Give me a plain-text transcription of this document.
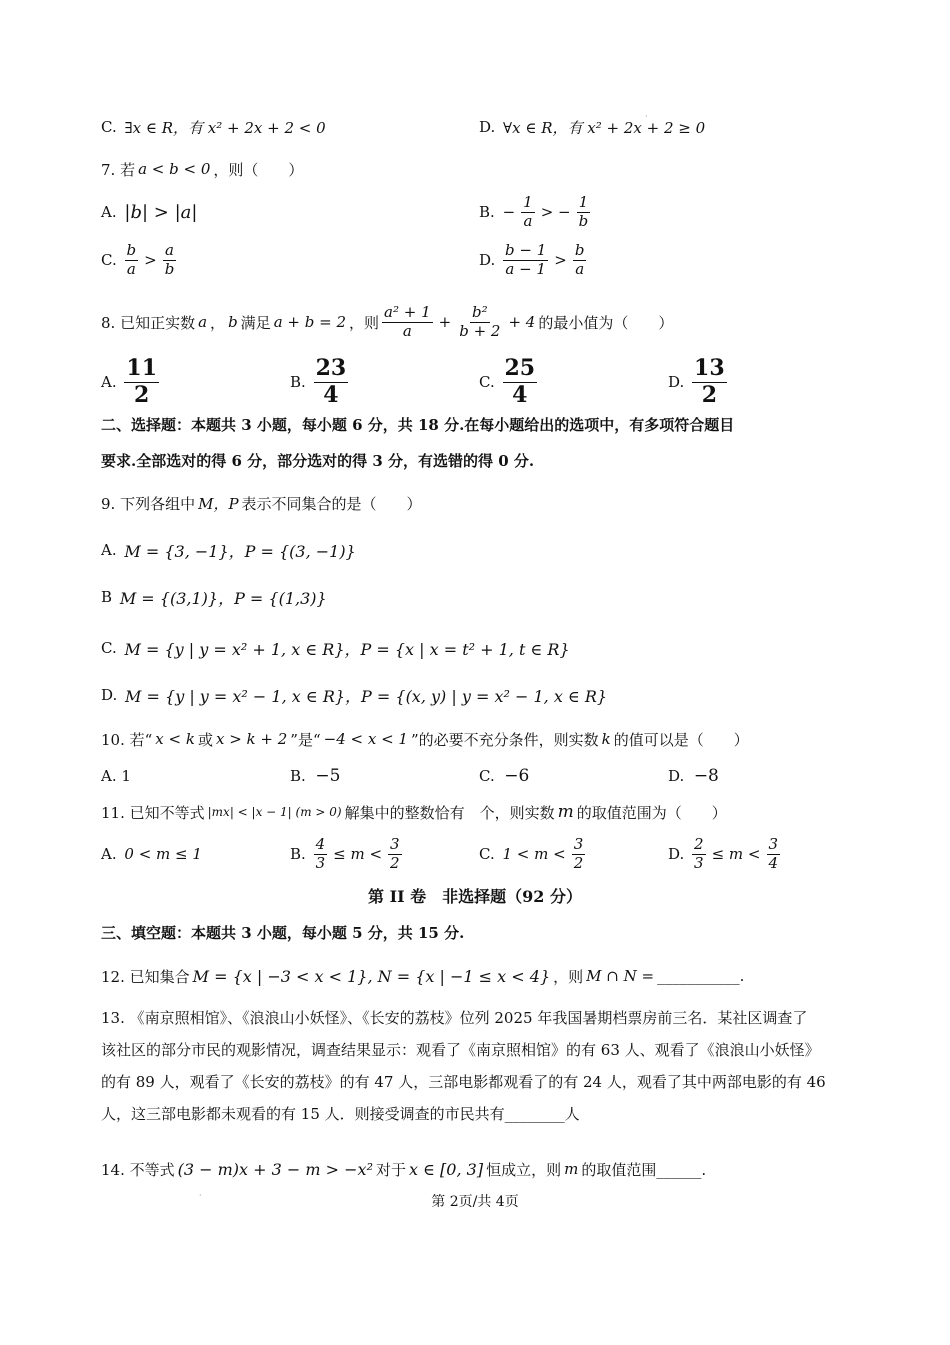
C.
∃x ∈ R，有 x² + 2x + 2 < 0	D.
∀x ∈ R，有 x² + 2x + 2 ≥ 0
·
7. 若 a < b < 0 ，则（　　）
A.
|b| > |a|	B.
− $\frac{1}{a}$ > − $\frac{1}{b}$
C.
$\frac{b}{a} > \frac{a}{b}$	D.
$\frac{b - 1}{a - 1} > \frac{b}{a}$
8. 已知正实数 a ， b 满足 a + b = 2 ，则 $\frac{\text{a² + 1}}{a} + \frac{\text{b²}}{b + 2} + 4$ 的最小值为（　　）
A.
$\frac{11}{2}$	B.
$\frac{23}{4}$	C.
$\frac{25}{4}$	D.
$\frac{13}{2}$
二、选择题：本题共 3 小题，每小题 6 分，共 18 分.在每小题给出的选项中，有多项符合题目
要求.全部选对的得 6 分，部分选对的得 3 分，有选错的得 0 分.
9. 下列各组中 M，P 表示不同集合的是（　　）
A.
M = {3, −1}，P = {(3, −1)}
B
M = {(3,1)}，P = {(1,3)}
C.
M = {y | y = x² + 1, x ∈ R}，P = {x | x = t² + 1, t ∈ R}
D.
M = {y | y = x² − 1, x ∈ R}，P = {(x, y) | y = x² − 1, x ∈ R}
10. 若“ x < k 或 x > k + 2 ”是“ −4 < x < 1 ”的必要不充分条件，则实数 k 的值可以是（　　）
A.
1	B.
−5	C.
−6	D.
−8
11. 已知不等式 |mx| < |x − 1| (m > 0) 解集中的整数恰有　个，则实数 m 的取值范围为（　　）
A.
0 < m ≤ 1	B.
$\frac{4}{3} \le m < \frac{3}{2}$	C.
$1 < m < \frac{3}{2}$	D.
$\frac{2}{3} \le m < \frac{3}{4}$
第 II 卷　非选择题（92 分）
三、填空题：本题共 3 小题，每小题 5 分，共 15 分.
12. 已知集合 M = {x | −3 < x < 1}, N = {x | −1 ≤ x < 4} ，则 M ∩ N = ___________.
13. 《南京照相馆》、《浪浪山小妖怪》、《长安的荔枝》位列 2025 年我国暑期档票房前三名．某社区调查了
该社区的部分市民的观影情况，调查结果显示：观看了《南京照相馆》的有 63 人、观看了《浪浪山小妖怪》
的有 89 人，观看了《长安的荔枝》的有 47 人，三部电影都观看了的有 24 人，观看了其中两部电影的有 46
人，这三部电影都未观看的有 15 人．则接受调查的市民共有________人
14. 不等式 (3 − m)x + 3 − m > −x² 对于 x ∈ [0, 3] 恒成立，则 m 的取值范围______.
·	第 2页/共 4页
